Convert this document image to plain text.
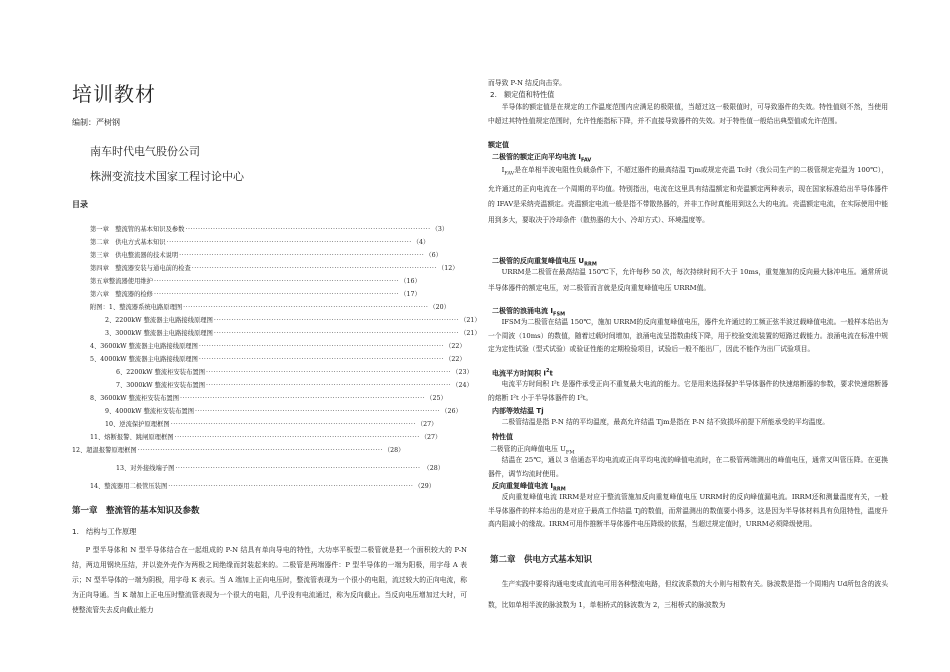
培训教材
编制：严树钢
南车时代电气股份公司
株洲变流技术国家工程讨论中心
目录
第一章　整流管的基本知识及参数 ·································································································· （3）
第二章　供电方式基本知识 ·································································································· （4）
第三章　供电整流器的技术说明 ·································································································· （6）
第四章　整流器安装与通电前的检查 ·································································································· （12）
第五章整流器使用维护 ·································································································· （16）
第六章　整流器的检修 ·································································································· （17）
附图：1、整流器系统电路原理图 ·································································································· （20）
2、2200kW 整流器主电路接线原理图 ·································································································· （21）
3、3000kW 整流器主电路接线原理图 ·································································································· （21）
4、3600kW 整流器主电路接线原理图 ·································································································· （22）
5、4000kW 整流器主电路接线原理图 ·································································································· （22）
6、2200kW 整流柜安装布置图 ·································································································· （23）
7、3000kW 整流柜安装布置图 ·································································································· （24）
8、3600kW 整流柜安装布置图 ·································································································· （25）
9、4000kW 整流柜安装布置图 ·································································································· （26）
10、逆流保护原理框图 ·································································································· （27）
11、熔断报警、跳闸原理框图 ·································································································· （27）
12、超温报警原理框图 ·································································································· （28）
13、对外接线端子图 ·································································································· （28）
14、整流器用二极管压装图 ·································································································· （29）
第一章　整流管的基本知识及参数
1.　结构与工作原理
P 型半导体和 N 型半导体结合在一起组成的 P-N 结具有单向导电的特性，大功率平板型二极管就是把一个面积较大的 P-N 结，两边用钢块压结，并以瓷外壳作为两极之间绝缘而封装起来的。二极管是两端器件：P 型半导体的一端为阳极，用字母 A 表示；N 型半导体的一端为阴极，用字母 K 表示。当 A 端加上正向电压时，整流管表现为一个很小的电阻，流过较大的正向电流，称为正向导通。当 K 端加上正电压时整流管表现为一个很大的电阻，几乎没有电流通过，称为反向截止。当反向电压增加过大时，可使整流管失去反向截止能力
而导致 P-N 结反向击穿。
2.　额定值和特性值
半导体的额定值是在规定的工作温度范围内应满足的极限值，当超过这一极限值时，可导致器件的失效。特性值则不然，当使用中超过其特性值规定范围时，允许性能指标下降，并不直接导致器件的失效。对于特性值一般给出典型值或允许范围。
额定值
二极管的额定正向平均电流 $I_{FAV}$
$I_{FAV}$是在单相半波电阻性负载条件下，不超过器件的最高结温 Tjm或规定壳温 Tc时（我公司生产的二极管规定壳温为 100℃），允许通过的正向电流在一个周期的平均值。特别指出，电流在这里具有结温额定和壳温额定两种表示，现在国家标准给出半导体器件的 IFAV是采纳壳温额定。壳温额定电流一般是指不带散热器的，并非工作时真能用到这么大的电流。壳温额定电流，在实际使用中能用到多大，要取决于冷却条件（散热器的大小、冷却方式）、环境温度等。
二极管的反向重复峰值电压 $U_{RRM}$
URRM是二极管在最高结温 150℃下，允许每秒 50 次，每次持续时间不大于 10ms，重复施加的反向最大脉冲电压。通常所说半导体器件的额定电压，对二极管而言就是反向重复峰值电压 URRM值。
二极管的浪涌电流 $I_{FSM}$
IFSM为二极管在结温 150℃，施加 URRM的反向重复峰值电压，器件允许通过的工频正弦半波过载峰值电流。一般样本给出为一个周波（10ms）的数值，随着过载时间增加，浪涌电流呈指数曲线下降，用于校验变流装置的短路过载能力。浪涌电流在标准中规定为定性试验（型式试验）或验证性能的定期检验项目，试验后一般不能出厂，因此不能作为出厂试验项目。
电流平方时间积 $I^2t$
电流平方时间积 I²t 是器件承受正向不重复最大电流的能力。它是用来选择保护半导体器件的快速熔断器的参数，要求快速熔断器的熔断 I²t 小于半导体器件的 I²t。
内部等效结温 Tj
二极管结温是指 P-N 结的平均温度，最高允许结温 Tjm是指在 P-N 结不致损坏前提下所能承受的平均温度。
特性值
二极管的正向峰值电压 $U_{FM}$
结温在 25℃，通以 3 倍通态平均电流或正向平均电流的峰值电流时，在二极管两端测出的峰值电压，通常又叫管压降。在更换器件，调节均流时使用。
反向重复峰值电流 $I_{RRM}$
反向重复峰值电流 IRRM是对应于整流管施加反向重复峰值电压 URRM时的反向峰值漏电流。IRRM还和测量温度有关，一般半导体器件的样本给出的是对应于最高工作结温 Tj的数值，而常温测出的数值要小得多，这是因为半导体材料具有负阻特性，温度升高内阻减小的缘故。IRRM可用作推断半导体器件电压降级的依据，当超过规定值时，URRM必须降级使用。
第二章　供电方式基本知识
生产实践中要将沟通电变成直流电可用各种整流电路，但纹波系数的大小则与相数有关。脉波数是指一个周期内 Ud所包含的波头数，比如单相半波的脉波数为 1，单相桥式的脉波数为 2，三相桥式的脉波数为
